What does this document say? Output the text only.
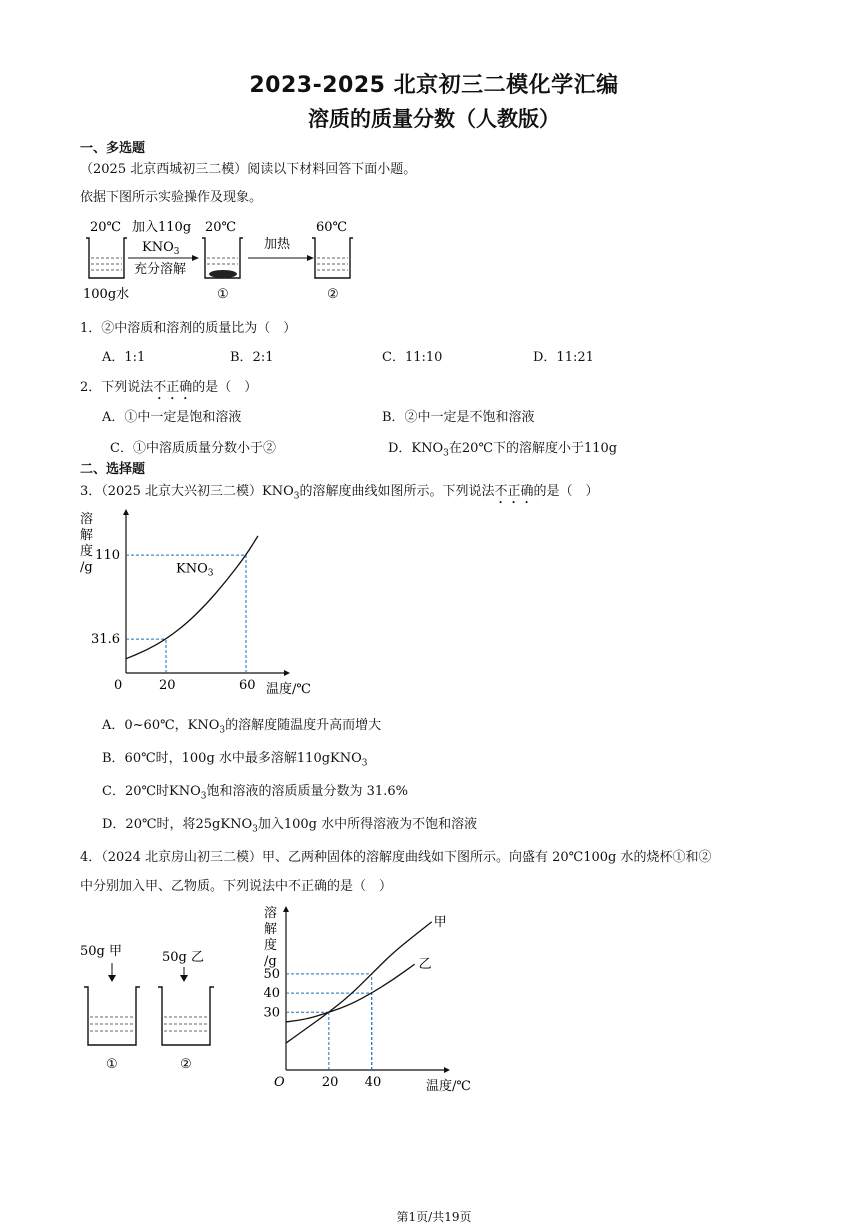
2023-2025 北京初三二模化学汇编
溶质的质量分数（人教版）
一、多选题
（2025 北京西城初三二模）阅读以下材料回答下面小题。
依据下图所示实验操作及现象。
20℃
100g水
加入110g
$KNO_3$
充分溶解
20℃
①
加热
60℃
②
1．②中溶质和溶剂的质量比为（　）
A．1:1	B．2:1	C．11:10	D．11:21
2．下列说法不正确的是（　）
A．①中一定是饱和溶液	B．②中一定是不饱和溶液
C．①中溶质质量分数小于②	D．$KNO_3$在20℃下的溶解度小于110g
二、选择题
3．（2025 北京大兴初三二模）$KNO_3$的溶解度曲线如图所示。下列说法不正确的是（　）
溶
解
度
/g
温度/℃
0	20	60
31.6
110
$KNO_3$
A．0~60℃，$KNO_3$的溶解度随温度升高而增大
B．60℃时，100g 水中最多溶解110gKNO$_3$
C．20℃时$KNO_3$饱和溶液的溶质质量分数为 31.6%
D．20℃时，将25gKNO$_3$加入100g 水中所得溶液为不饱和溶液
4．（2024 北京房山初三二模）甲、乙两种固体的溶解度曲线如下图所示。向盛有 20℃100g 水的烧杯①和②
中分别加入甲、乙物质。下列说法中不正确的是（　）
50g 甲
①
50g 乙
②
溶
解
度
/g
温度/℃
O	20 40
30
40
50
甲
乙
第1页/共19页
